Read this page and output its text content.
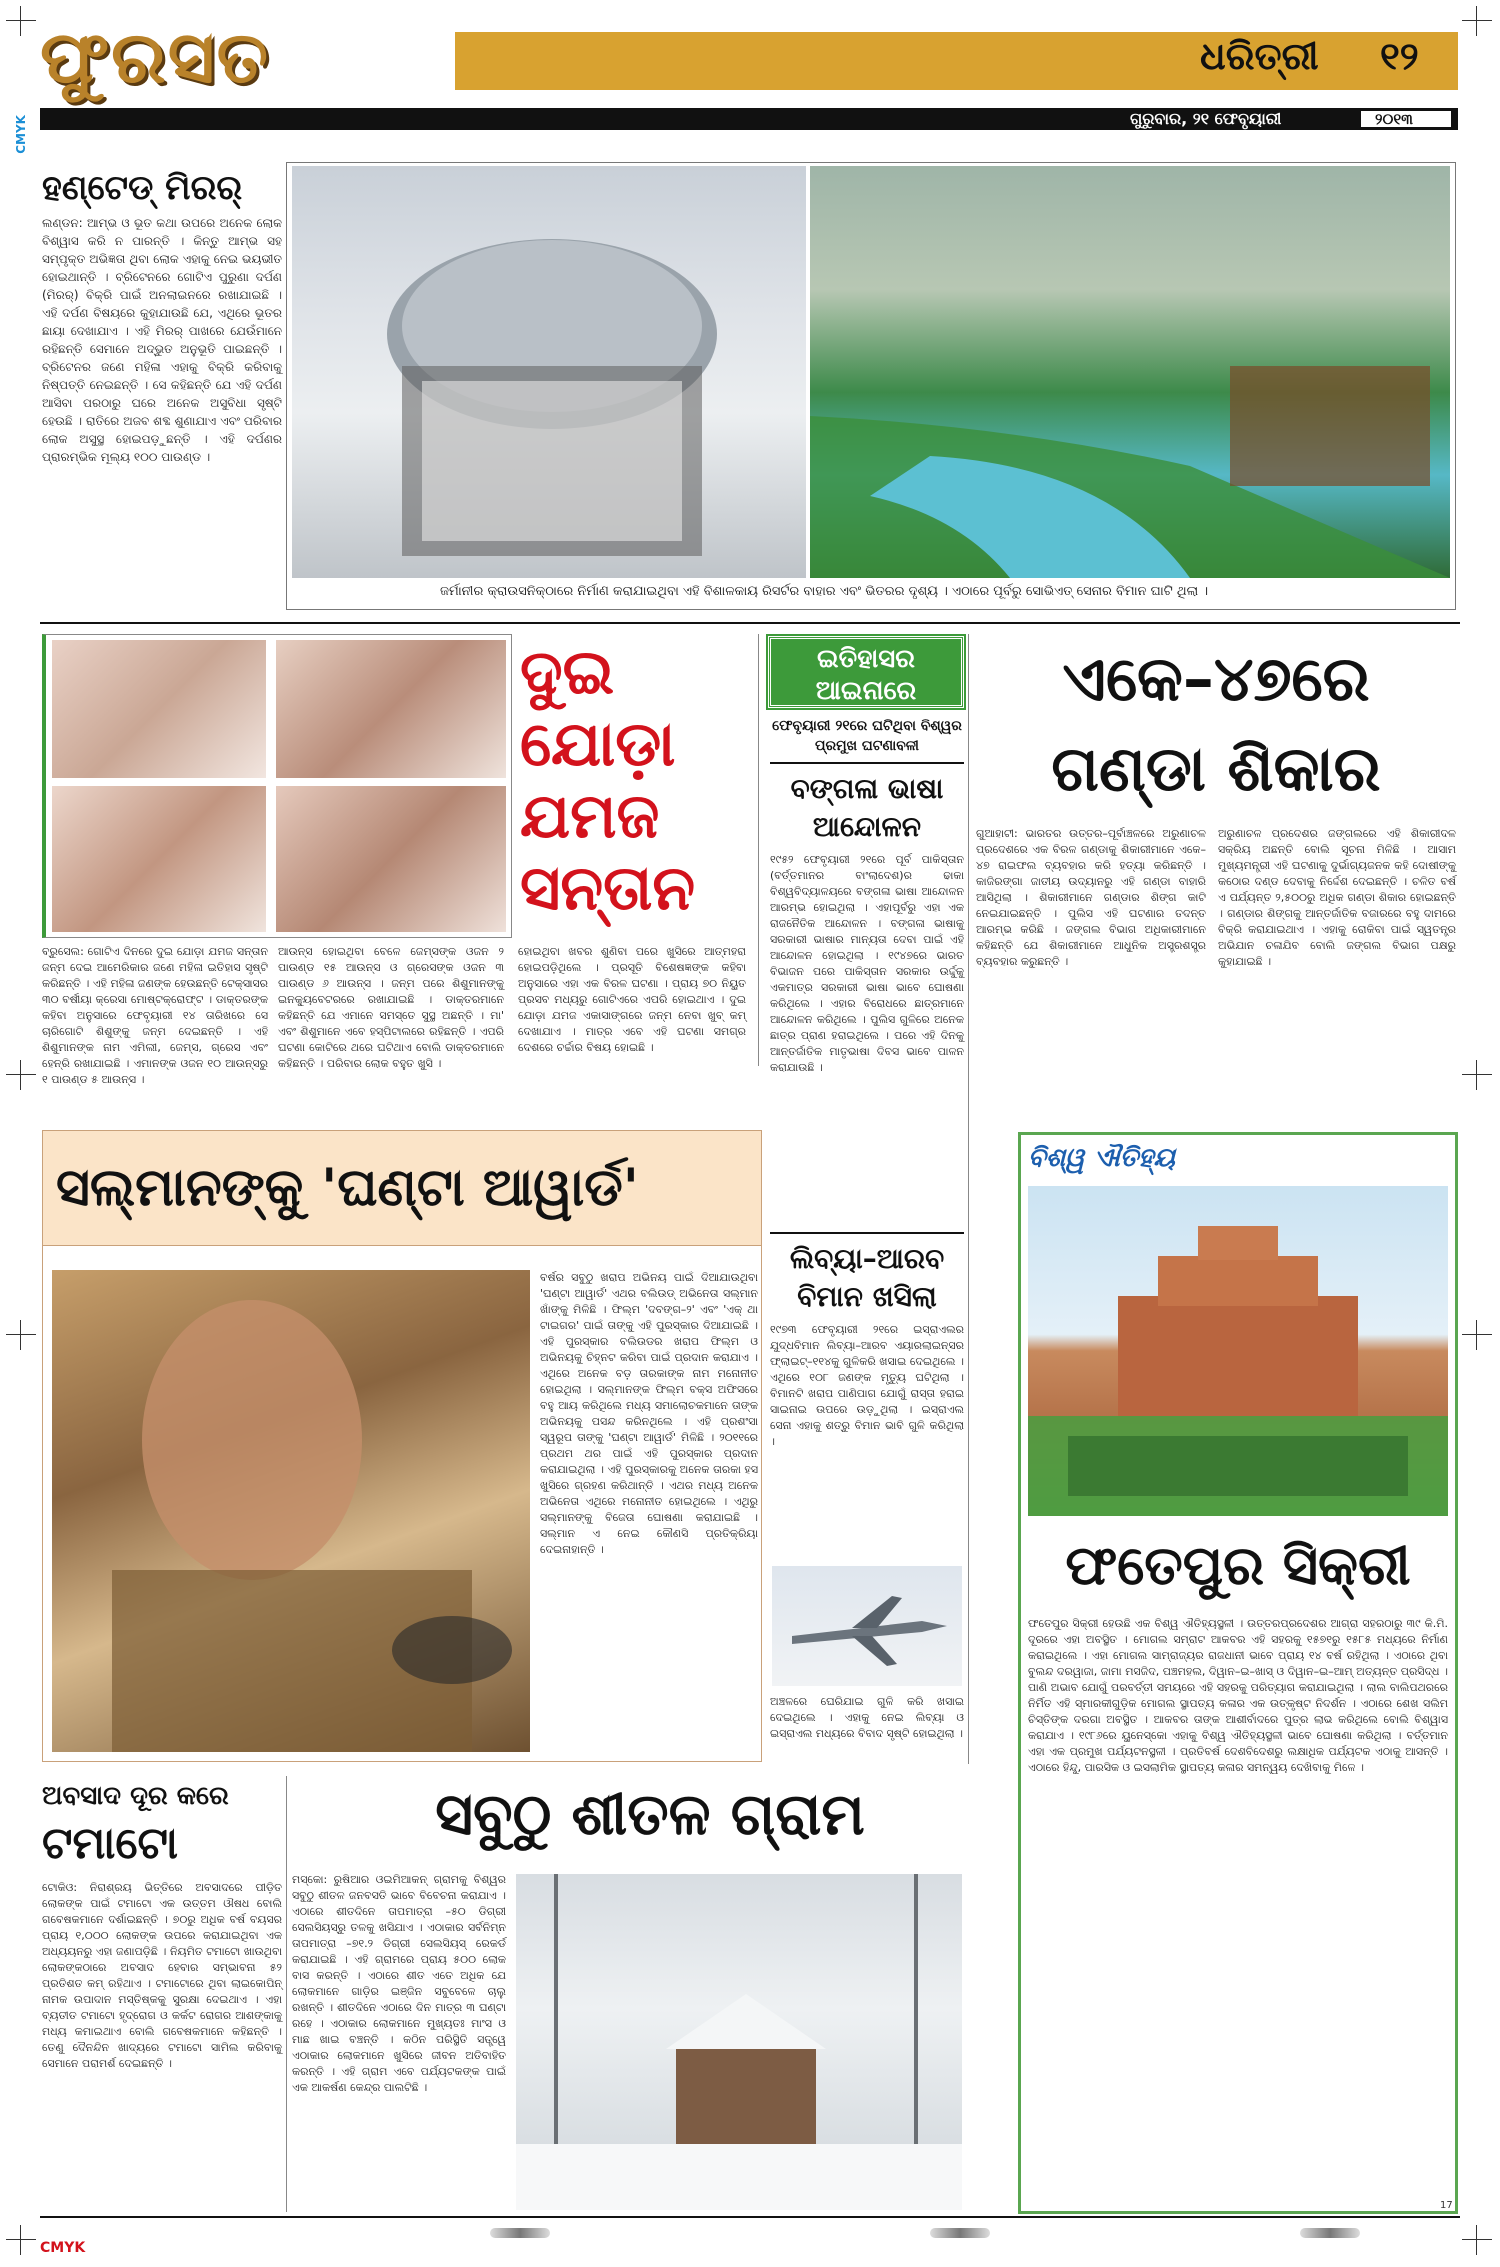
CMYK
CMYK
ଫୁରସତ	ଧରିତ୍ରୀ ୧୨
ଗୁରୁବାର, ୨୧ ଫେବୃୟାରୀ	୨୦୧୩
ହଣ୍ଟେଡ୍ ମିରର୍
ଲଣ୍ଡନ: ଆମ୍ଭ ଓ ଭୂତ କଥା ଉପରେ ଅନେକ ଲୋକ ବିଶ୍ୱାସ କରି ନ ପାରନ୍ତି । କିନ୍ତୁ ଆମ୍ଭ ସହ ସମ୍ପୃକ୍ତ ଅଭିଜ୍ଞତା ଥିବା ଲୋକ ଏହାକୁ ନେଇ ଭୟଭୀତ ହୋଇଥାନ୍ତି । ବ୍ରିଟେନରେ ଗୋଟିଏ ପୁରୁଣା ଦର୍ପଣ (ମିରର୍) ବିକ୍ରି ପାଇଁ ଅନଲାଇନରେ ରଖାଯାଇଛି । ଏହି ଦର୍ପଣ ବିଷୟରେ କୁହାଯାଉଛି ଯେ, ଏଥିରେ ଭୂତର ଛାୟା ଦେଖାଯାଏ । ଏହି ମିରର୍ ପାଖରେ ଯେଉଁମାନେ ରହିଛନ୍ତି ସେମାନେ ଅଦ୍ଭୁତ ଅନୁଭୂତି ପାଇଛନ୍ତି । ବ୍ରିଟେନର ଜଣେ ମହିଳା ଏହାକୁ ବିକ୍ରି କରିବାକୁ ନିଷ୍ପତ୍ତି ନେଇଛନ୍ତି । ସେ କହିଛନ୍ତି ଯେ ଏହି ଦର୍ପଣ ଆସିବା ପରଠାରୁ ଘରେ ଅନେକ ଅସୁବିଧା ସୃଷ୍ଟି ହେଉଛି । ରାତିରେ ଅଜବ ଶବ୍ଦ ଶୁଣାଯାଏ ଏବଂ ପରିବାର ଲୋକ ଅସୁସ୍ଥ ହୋଇପଡ଼ୁଛନ୍ତି । ଏହି ଦର୍ପଣର ପ୍ରାରମ୍ଭିକ ମୂଲ୍ୟ ୧୦୦ ପାଉଣ୍ଡ ।
ଜର୍ମାନୀର କ୍ରାଉସନିକ୍‌ଠାରେ ନିର୍ମାଣ କରାଯାଇଥିବା ଏହି ବିଶାଳକାୟ ରିସର୍ଟର ବାହାର ଏବଂ ଭିତରର ଦୃଶ୍ୟ । ଏଠାରେ ପୂର୍ବରୁ ସୋଭିଏତ୍ ସେନାର ବିମାନ ଘାଟି ଥିଲା ।
ଦୁଇ
ଯୋଡ଼ା
ଯମଜ
ସନ୍ତାନ
ବ୍ରୁସେଲ: ଗୋଟିଏ ଦିନରେ ଦୁଇ ଯୋଡ଼ା ଯମଜ ସନ୍ତାନ ଜନ୍ମ ଦେଇ ଆମେରିକାର ଜଣେ ମହିଳା ଇତିହାସ ସୃଷ୍ଟି କରିଛନ୍ତି । ଏହି ମହିଳା ଜଣଙ୍କ ହେଉଛନ୍ତି ଟେକ୍ସାସର ୩୦ ବର୍ଷୀୟା କ୍ରେସା ମୋଷ୍ଟକ୍ରୋଫ୍ଟ । ଡାକ୍ତରଙ୍କ କହିବା ଅନୁସାରେ ଫେବୃୟାରୀ ୧୪ ତାରିଖରେ ସେ ଚାରିଗୋଟି ଶିଶୁଙ୍କୁ ଜନ୍ମ ଦେଇଛନ୍ତି । ଏହି ଶିଶୁମାନଙ୍କ ନାମ ଏମିଲୀ, ଜେମ୍ସ, ଗ୍ରେସ ଏବଂ ହେନ୍ରି ରଖାଯାଇଛି । ଏମାନଙ୍କ ଓଜନ ୧୦ ଆଉନ୍ସରୁ ୧ ପାଉଣ୍ଡ ୫ ଆଉନ୍ସ ।
ଆଉନ୍ସ ହୋଇଥିବା ବେଳେ ଜେମ୍ସଙ୍କ ଓଜନ ୨ ପାଉଣ୍ଡ ୧୫ ଆଉନ୍ସ ଓ ଗ୍ରେସଙ୍କ ଓଜନ ୩ ପାଉଣ୍ଡ ୬ ଆଉନ୍ସ । ଜନ୍ମ ପରେ ଶିଶୁମାନଙ୍କୁ ଇନକ୍ୟୁବେଟରରେ ରଖାଯାଇଛି । ଡାକ୍ତରମାନେ କହିଛନ୍ତି ଯେ ଏମାନେ ସମସ୍ତେ ସୁସ୍ଥ ଅଛନ୍ତି । ମା' ଏବଂ ଶିଶୁମାନେ ଏବେ ହସ୍ପିଟାଲରେ ରହିଛନ୍ତି । ଏପରି ଘଟଣା କୋଟିରେ ଥରେ ଘଟିଥାଏ ବୋଲି ଡାକ୍ତରମାନେ କହିଛନ୍ତି । ପରିବାର ଲୋକ ବହୁତ ଖୁସି ।
ହୋଇଥିବା ଖବର ଶୁଣିବା ପରେ ଖୁସିରେ ଆତ୍ମହରା ହୋଇପଡ଼ିଥିଲେ । ପ୍ରସୂତି ବିଶେଷଜ୍ଞଙ୍କ କହିବା ଅନୁସାରେ ଏହା ଏକ ବିରଳ ଘଟଣା । ପ୍ରାୟ ୭୦ ନିୟୁତ ପ୍ରସବ ମଧ୍ୟରୁ ଗୋଟିଏରେ ଏପରି ହୋଇଥାଏ । ଦୁଇ ଯୋଡ଼ା ଯମଜ ଏକାସାଙ୍ଗରେ ଜନ୍ମ ନେବା ଖୁବ୍ କମ୍ ଦେଖାଯାଏ । ମାତ୍ର ଏବେ ଏହି ଘଟଣା ସମଗ୍ର ଦେଶରେ ଚର୍ଚ୍ଚାର ବିଷୟ ହୋଇଛି ।
ଇତିହାସର
ଆଇନାରେ
ଫେବୃୟାରୀ ୨୧ରେ ଘଟିଥିବା ବିଶ୍ୱର ପ୍ରମୁଖ ଘଟଣାବଳୀ
ବଙ୍ଗଳା ଭାଷା
ଆନ୍ଦୋଳନ
୧୯୫୨ ଫେବୃୟାରୀ ୨୧ରେ ପୂର୍ବ ପାକିସ୍ତାନ (ବର୍ତ୍ତମାନର ବାଂଲାଦେଶ)ର ଢାକା ବିଶ୍ୱବିଦ୍ୟାଳୟରେ ବଙ୍ଗଳା ଭାଷା ଆନ୍ଦୋଳନ ଆରମ୍ଭ ହୋଇଥିଲା । ଏହାପୂର୍ବରୁ ଏହା ଏକ ରାଜନୈତିକ ଆନ୍ଦୋଳନ । ବଙ୍ଗଳା ଭାଷାକୁ ସରକାରୀ ଭାଷାର ମାନ୍ୟତା ଦେବା ପାଇଁ ଏହି ଆନ୍ଦୋଳନ ହୋଇଥିଲା । ୧୯୪୭ରେ ଭାରତ ବିଭାଜନ ପରେ ପାକିସ୍ତାନ ସରକାର ଉର୍ଦ୍ଦୁକୁ ଏକମାତ୍ର ସରକାରୀ ଭାଷା ଭାବେ ଘୋଷଣା କରିଥିଲେ । ଏହାର ବିରୋଧରେ ଛାତ୍ରମାନେ ଆନ୍ଦୋଳନ କରିଥିଲେ । ପୁଲିସ ଗୁଳିରେ ଅନେକ ଛାତ୍ର ପ୍ରାଣ ହରାଇଥିଲେ । ପରେ ଏହି ଦିନକୁ ଆନ୍ତର୍ଜାତିକ ମାତୃଭାଷା ଦିବସ ଭାବେ ପାଳନ କରାଯାଉଛି ।
ଲିବ୍ୟା–ଆରବ
ବିମାନ ଖସିଲା
୧୯୭୩ ଫେବୃୟାରୀ ୨୧ରେ ଇସ୍ରାଏଲର ଯୁଦ୍ଧବିମାନ ଲିବ୍ୟା–ଆରବ ଏୟାରଲାଇନ୍ସର ଫ୍ଲାଇଟ୍–୧୧୪କୁ ଗୁଳିକରି ଖସାଇ ଦେଇଥିଲେ । ଏଥିରେ ୧୦୮ ଜଣଙ୍କ ମୃତ୍ୟୁ ଘଟିଥିଲା । ବିମାନଟି ଖରାପ ପାଣିପାଗ ଯୋଗୁଁ ରାସ୍ତା ହରାଇ ସାଇନାଇ ଉପରେ ଉଡ଼ୁଥିଲା । ଇସ୍ରାଏଲ ସେନା ଏହାକୁ ଶତ୍ରୁ ବିମାନ ଭାବି ଗୁଳି କରିଥିଲା ।
ଅଞ୍ଚଳରେ ଘେରିଯାଇ ଗୁଳି କରି ଖସାଇ ଦେଇଥିଲେ । ଏହାକୁ ନେଇ ଲିବ୍ୟା ଓ ଇସ୍ରାଏଲ ମଧ୍ୟରେ ବିବାଦ ସୃଷ୍ଟି ହୋଇଥିଲା ।
ଏକେ–୪୭ରେ
ଗଣ୍ଡା ଶିକାର
ଗୁଆହାଟୀ: ଭାରତର ଉତ୍ତର–ପୂର୍ବାଞ୍ଚଳରେ ଅରୁଣାଚଳ ପ୍ରଦେଶରେ ଏକ ବିରଳ ଗଣ୍ଡାକୁ ଶିକାରୀମାନେ ଏକେ–୪୭ ରାଇଫଲ ବ୍ୟବହାର କରି ହତ୍ୟା କରିଛନ୍ତି । କାଜିରଙ୍ଗା ଜାତୀୟ ଉଦ୍ୟାନରୁ ଏହି ଗଣ୍ଡା ବାହାରି ଆସିଥିଲା । ଶିକାରୀମାନେ ଗଣ୍ଡାର ଶିଙ୍ଗ କାଟି ନେଇଯାଇଛନ୍ତି । ପୁଲିସ ଏହି ଘଟଣାର ତଦନ୍ତ ଆରମ୍ଭ କରିଛି । ଜଙ୍ଗଲ ବିଭାଗ ଅଧିକାରୀମାନେ କହିଛନ୍ତି ଯେ ଶିକାରୀମାନେ ଆଧୁନିକ ଅସ୍ତ୍ରଶସ୍ତ୍ର ବ୍ୟବହାର କରୁଛନ୍ତି ।
ଅରୁଣାଚଳ ପ୍ରଦେଶର ଜଙ୍ଗଲରେ ଏହି ଶିକାରୀଦଳ ସକ୍ରିୟ ଅଛନ୍ତି ବୋଲି ସୂଚନା ମିଳିଛି । ଆସାମ ମୁଖ୍ୟମନ୍ତ୍ରୀ ଏହି ଘଟଣାକୁ ଦୁର୍ଭାଗ୍ୟଜନକ କହି ଦୋଷୀଙ୍କୁ କଠୋର ଦଣ୍ଡ ଦେବାକୁ ନିର୍ଦ୍ଦେଶ ଦେଇଛନ୍ତି । ଚଳିତ ବର୍ଷ ଏ ପର୍ଯ୍ୟନ୍ତ ୨,୫୦୦ରୁ ଅଧିକ ଗଣ୍ଡା ଶିକାର ହୋଇଛନ୍ତି । ଗଣ୍ଡାର ଶିଙ୍ଗକୁ ଆନ୍ତର୍ଜାତିକ ବଜାରରେ ବହୁ ଦାମରେ ବିକ୍ରି କରାଯାଇଥାଏ । ଏହାକୁ ରୋକିବା ପାଇଁ ସ୍ୱତନ୍ତ୍ର ଅଭିଯାନ ଚଳାଯିବ ବୋଲି ଜଙ୍ଗଲ ବିଭାଗ ପକ୍ଷରୁ କୁହାଯାଇଛି ।
ସଲ୍‌ମାନଙ୍କୁ 'ଘଣ୍ଟା ଆୱାର୍ଡ'
ବର୍ଷର ସବୁଠୁ ଖରାପ ଅଭିନୟ ପାଇଁ ଦିଆଯାଉଥିବା 'ଘଣ୍ଟା ଆୱାର୍ଡ' ଏଥର ବଲିଉଡ୍ ଅଭିନେତା ସଲ୍‌ମାନ ଖାଁଙ୍କୁ ମିଳିଛି । ଫିଲ୍ମ 'ଦବଙ୍ଗ–୨' ଏବଂ 'ଏକ୍ ଥା ଟାଇଗର' ପାଇଁ ତାଙ୍କୁ ଏହି ପୁରସ୍କାର ଦିଆଯାଇଛି । ଏହି ପୁରସ୍କାର ବଲିଉଡର ଖରାପ ଫିଲ୍ମ ଓ ଅଭିନୟକୁ ଚିହ୍ନଟ କରିବା ପାଇଁ ପ୍ରଦାନ କରାଯାଏ । ଏଥିରେ ଅନେକ ବଡ଼ ତାରକାଙ୍କ ନାମ ମନୋନୀତ ହୋଇଥିଲା । ସଲ୍‌ମାନଙ୍କ ଫିଲ୍ମ ବକ୍ସ ଅଫିସରେ ବହୁ ଆୟ କରିଥିଲେ ମଧ୍ୟ ସମାଲୋଚକମାନେ ତାଙ୍କ ଅଭିନୟକୁ ପସନ୍ଦ କରିନଥିଲେ । ଏହି ପ୍ରଶଂସା ସ୍ୱରୂପ ତାଙ୍କୁ 'ଘଣ୍ଟା ଆୱାର୍ଡ' ମିଳିଛି । ୨୦୧୧ରେ ପ୍ରଥମ ଥର ପାଇଁ ଏହି ପୁରସ୍କାର ପ୍ରଦାନ କରାଯାଇଥିଲା । ଏହି ପୁରସ୍କାରକୁ ଅନେକ ତାରକା ହସ ଖୁସିରେ ଗ୍ରହଣ କରିଥାନ୍ତି । ଏଥର ମଧ୍ୟ ଅନେକ ଅଭିନେତା ଏଥିରେ ମନୋନୀତ ହୋଇଥିଲେ । ଏଥିରୁ ସଲ୍‌ମାନଙ୍କୁ ବିଜେତା ଘୋଷଣା କରାଯାଇଛି । ସଲ୍‌ମାନ ଏ ନେଇ କୌଣସି ପ୍ରତିକ୍ରିୟା ଦେଇନାହାନ୍ତି ।
ବିଶ୍ୱ ଐତିହ୍ୟ
ଫତେପୁର ସିକ୍ରୀ
ଫତେପୁର ସିକ୍ରୀ ହେଉଛି ଏକ ବିଶ୍ୱ ଐତିହ୍ୟସ୍ଥଳୀ । ଉତ୍ତରପ୍ରଦେଶର ଆଗ୍ରା ସହରଠାରୁ ୩୯ କି.ମି. ଦୂରରେ ଏହା ଅବସ୍ଥିତ । ମୋଗଲ ସମ୍ରାଟ ଆକବର ଏହି ସହରକୁ ୧୫୭୧ରୁ ୧୫୮୫ ମଧ୍ୟରେ ନିର୍ମାଣ କରାଇଥିଲେ । ଏହା ମୋଗଲ ସାମ୍ରାଜ୍ୟର ରାଜଧାନୀ ଭାବେ ପ୍ରାୟ ୧୪ ବର୍ଷ ରହିଥିଲା । ଏଠାରେ ଥିବା ବୁଲନ୍ଦ ଦରୱାଜା, ଜାମା ମସଜିଦ, ପଞ୍ଚମହଲ, ଦିୱାନ–ଇ–ଖାସ୍ ଓ ଦିୱାନ–ଇ–ଆମ୍ ଅତ୍ୟନ୍ତ ପ୍ରସିଦ୍ଧ । ପାଣି ଅଭାବ ଯୋଗୁଁ ପରବର୍ତ୍ତୀ ସମୟରେ ଏହି ସହରକୁ ପରିତ୍ୟାଗ କରାଯାଇଥିଲା । ଲାଲ ବାଲିପଥରରେ ନିର୍ମିତ ଏହି ସ୍ମାରକୀଗୁଡ଼ିକ ମୋଗଲ ସ୍ଥାପତ୍ୟ କଳାର ଏକ ଉତ୍କୃଷ୍ଟ ନିଦର୍ଶନ । ଏଠାରେ ଶେଖ ସଲିମ ଚିସ୍ତିଙ୍କ ଦରଗା ଅବସ୍ଥିତ । ଆକବର ତାଙ୍କ ଆଶୀର୍ବାଦରେ ପୁତ୍ର ଲାଭ କରିଥିଲେ ବୋଲି ବିଶ୍ୱାସ କରାଯାଏ । ୧୯୮୬ରେ ୟୁନେସ୍କୋ ଏହାକୁ ବିଶ୍ୱ ଐତିହ୍ୟସ୍ଥଳୀ ଭାବେ ଘୋଷଣା କରିଥିଲା । ବର୍ତ୍ତମାନ ଏହା ଏକ ପ୍ରମୁଖ ପର୍ଯ୍ୟଟନସ୍ଥଳୀ । ପ୍ରତିବର୍ଷ ଦେଶବିଦେଶରୁ ଲକ୍ଷାଧିକ ପର୍ଯ୍ୟଟକ ଏଠାକୁ ଆସନ୍ତି । ଏଠାରେ ହିନ୍ଦୁ, ପାରସିକ ଓ ଇସଲାମିକ ସ୍ଥାପତ୍ୟ କଳାର ସମନ୍ୱୟ ଦେଖିବାକୁ ମିଳେ ।
ଅବସାଦ ଦୂର କରେ
ଟମାଟୋ
ଟୋକିଓ: ନିରାଶ୍ରୟ ଭିତ୍ତିରେ ଅବସାଦରେ ପୀଡ଼ିତ ଲୋକଙ୍କ ପାଇଁ ଟମାଟୋ ଏକ ଉତ୍ତମ ଔଷଧ ବୋଲି ଗବେଷକମାନେ ଦର୍ଶାଇଛନ୍ତି । ୭୦ରୁ ଅଧିକ ବର୍ଷ ବୟସର ପ୍ରାୟ ୧,୦୦୦ ଲୋକଙ୍କ ଉପରେ କରାଯାଇଥିବା ଏକ ଅଧ୍ୟୟନରୁ ଏହା ଜଣାପଡ଼ିଛି । ନିୟମିତ ଟମାଟୋ ଖାଉଥିବା ଲୋକଙ୍କଠାରେ ଅବସାଦ ହେବାର ସମ୍ଭାବନା ୫୨ ପ୍ରତିଶତ କମ୍ ରହିଥାଏ । ଟମାଟୋରେ ଥିବା ଲାଇକୋପିନ୍ ନାମକ ଉପାଦାନ ମସ୍ତିଷ୍କକୁ ସୁରକ୍ଷା ଦେଇଥାଏ । ଏହା ବ୍ୟତୀତ ଟମାଟୋ ହୃଦ୍‌ରୋଗ ଓ କର୍କଟ ରୋଗର ଆଶଙ୍କାକୁ ମଧ୍ୟ କମାଇଥାଏ ବୋଲି ଗବେଷକମାନେ କହିଛନ୍ତି । ତେଣୁ ଦୈନନ୍ଦିନ ଖାଦ୍ୟରେ ଟମାଟୋ ସାମିଲ କରିବାକୁ ସେମାନେ ପରାମର୍ଶ ଦେଇଛନ୍ତି ।
ସବୁଠୁ ଶୀତଳ ଗ୍ରାମ
ମସ୍କୋ: ରୁଷିଆର ଓଇମିଆକନ୍ ଗ୍ରାମକୁ ବିଶ୍ୱର ସବୁଠୁ ଶୀତଳ ଜନବସତି ଭାବେ ବିବେଚନା କରାଯାଏ । ଏଠାରେ ଶୀତଦିନେ ତାପମାତ୍ରା –୫୦ ଡିଗ୍ରୀ ସେଲସିୟସ୍‌ରୁ ତଳକୁ ଖସିଯାଏ । ଏଠାକାର ସର୍ବନିମ୍ନ ତାପମାତ୍ରା –୭୧.୨ ଡିଗ୍ରୀ ସେଲସିୟସ୍ ରେକର୍ଡ କରାଯାଇଛି । ଏହି ଗ୍ରାମରେ ପ୍ରାୟ ୫୦୦ ଲୋକ ବାସ କରନ୍ତି । ଏଠାରେ ଶୀତ ଏତେ ଅଧିକ ଯେ ଲୋକମାନେ ଗାଡ଼ିର ଇଞ୍ଜିନ ସବୁବେଳେ ଚାଲୁ ରଖନ୍ତି । ଶୀତଦିନେ ଏଠାରେ ଦିନ ମାତ୍ର ୩ ଘଣ୍ଟା ରହେ । ଏଠାକାର ଲୋକମାନେ ମୁଖ୍ୟତଃ ମାଂସ ଓ ମାଛ ଖାଇ ବଞ୍ଚନ୍ତି । କଠିନ ପରିସ୍ଥିତି ସତ୍ତ୍ୱେ ଏଠାକାର ଲୋକମାନେ ଖୁସିରେ ଜୀବନ ଅତିବାହିତ କରନ୍ତି । ଏହି ଗ୍ରାମ ଏବେ ପର୍ଯ୍ୟଟକଙ୍କ ପାଇଁ ଏକ ଆକର୍ଷଣ କେନ୍ଦ୍ର ପାଲଟିଛି ।
17
